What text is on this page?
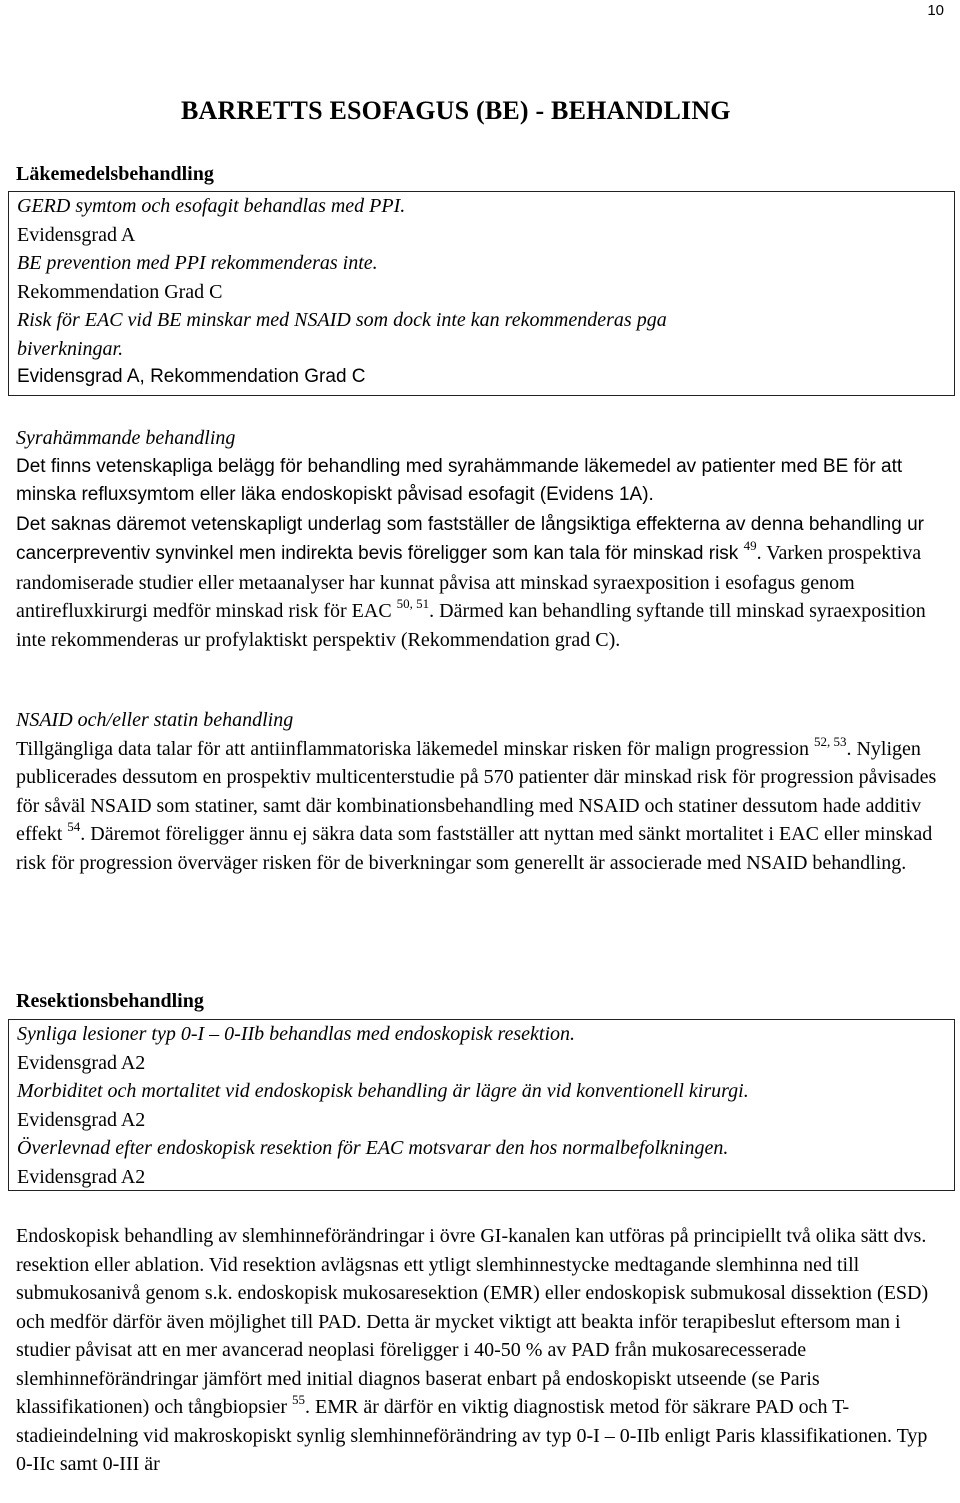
10
BARRETTS ESOFAGUS (BE) - BEHANDLING
Läkemedelsbehandling
GERD symtom och esofagit behandlas med PPI.
Evidensgrad A
BE prevention med PPI rekommenderas inte.
Rekommendation Grad C
Risk för EAC vid BE minskar med NSAID som dock inte kan rekommenderas pga
biverkningar.
Evidensgrad A, Rekommendation Grad C
Syrahämmande behandling

Det finns vetenskapliga belägg för behandling med syrahämmande läkemedel av patienter med BE för att minska refluxsymtom eller läka endoskopiskt påvisad esofagit (Evidens 1A).

Det saknas däremot vetenskapligt underlag som fastställer de långsiktiga effekterna av denna behandling ur cancerpreventiv synvinkel men indirekta bevis föreligger som kan tala för minskad risk $^{49}$. Varken prospektiva randomiserade studier eller metaanalyser har kunnat påvisa att minskad syraexposition i esofagus genom antirefluxkirurgi medför minskad risk för EAC $^{50, 51}$. Därmed kan behandling syftande till minskad syraexposition inte rekommenderas ur profylaktiskt perspektiv (Rekommendation grad C).

NSAID och/eller statin behandling

Tillgängliga data talar för att antiinflammatoriska läkemedel minskar risken för malign progression $^{52, 53}$. Nyligen publicerades dessutom en prospektiv multicenterstudie på 570 patienter där minskad risk för progression påvisades för såväl NSAID som statiner, samt där kombinationsbehandling med NSAID och statiner dessutom hade additiv effekt $^{54}$. Däremot föreligger ännu ej säkra data som fastställer att nyttan med sänkt mortalitet i EAC eller minskad risk för progression överväger risken för de biverkningar som generellt är associerade med NSAID behandling.

Resektionsbehandling
Synliga lesioner typ 0-I – 0-IIb behandlas med endoskopisk resektion.
Evidensgrad A2
Morbiditet och mortalitet vid endoskopisk behandling är lägre än vid konventionell kirurgi.
Evidensgrad A2
Överlevnad efter endoskopisk resektion för EAC motsvarar den hos normalbefolkningen.
Evidensgrad A2

Endoskopisk behandling av slemhinneförändringar i övre GI-kanalen kan utföras på principiellt två olika sätt dvs. resektion eller ablation. Vid resektion avlägsnas ett ytligt slemhinnestycke medtagande slemhinna ned till submukosanivå genom s.k. endoskopisk mukosaresektion (EMR) eller endoskopisk submukosal dissektion (ESD) och medför därför även möjlighet till PAD. Detta är mycket viktigt att beakta inför terapibeslut eftersom man i studier påvisat att en mer avancerad neoplasi föreligger i 40-50 % av PAD från mukosarecesserade slemhinneförändringar jämfört med initial diagnos baserat enbart på endoskopiskt utseende (se Paris klassifikationen) och tångbiopsier $^{55}$. EMR är därför en viktig diagnostisk metod för säkrare PAD och T-stadieindelning vid makroskopiskt synlig slemhinneförändring av typ 0-I – 0-IIb enligt Paris klassifikationen. Typ 0-IIc samt 0-III är
